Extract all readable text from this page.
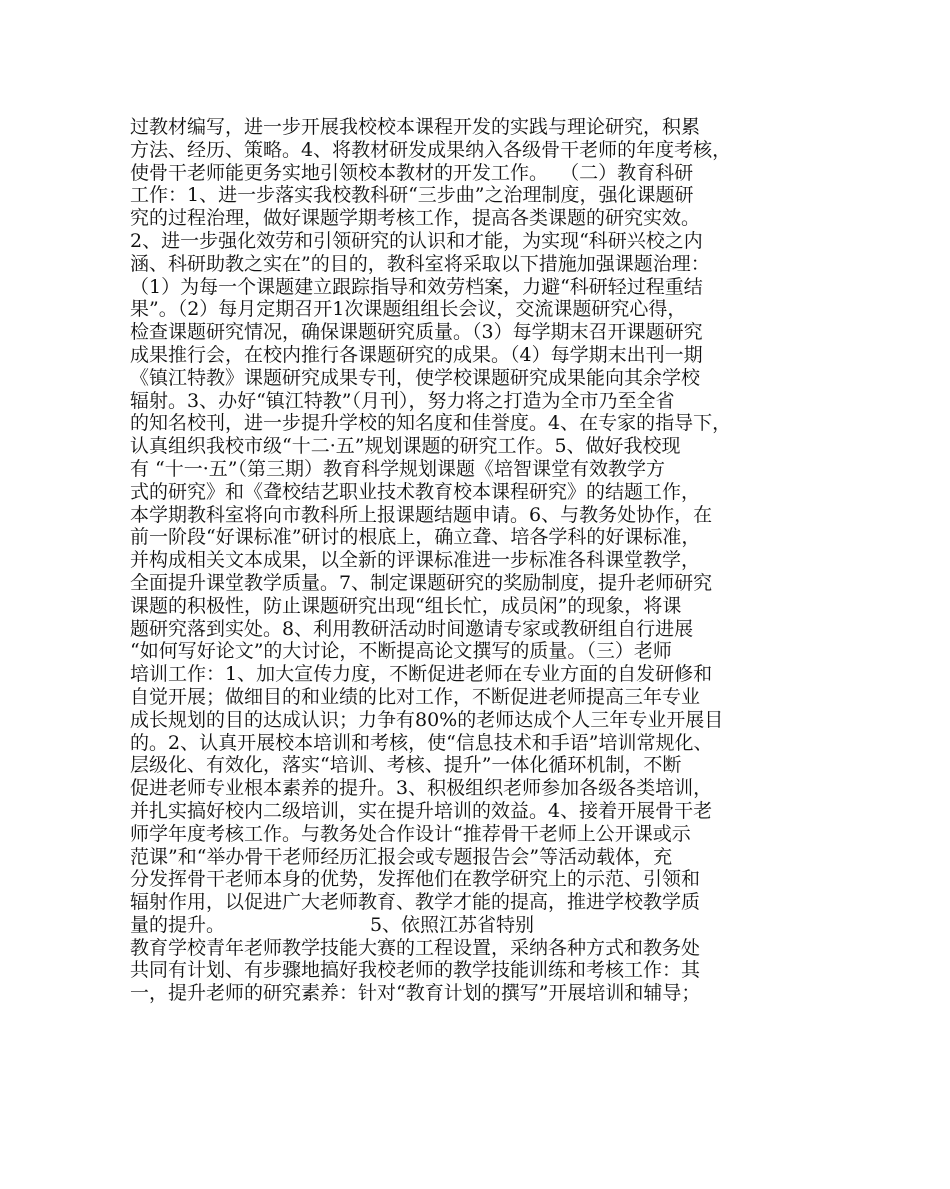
过教材编写，进一步开展我校校本课程开发的实践与理论研究，积累
方法、经历、策略。4、将教材研发成果纳入各级骨干老师的年度考核，
使骨干老师能更务实地引领校本教材的开发工作。  （二）教育科研
工作：1、进一步落实我校教科研“三步曲”之治理制度，强化课题研
究的过程治理，做好课题学期考核工作，提高各类课题的研究实效。
2、进一步强化效劳和引领研究的认识和才能，为实现“科研兴校之内
涵、科研助教之实在”的目的，教科室将采取以下措施加强课题治理：
（1）为每一个课题建立跟踪指导和效劳档案，力避“科研轻过程重结
果”。（2）每月定期召开1次课题组组长会议，交流课题研究心得，
检查课题研究情况，确保课题研究质量。（3）每学期末召开课题研究
成果推行会，在校内推行各课题研究的成果。（4）每学期末出刊一期
《镇江特教》课题研究成果专刊，使学校课题研究成果能向其余学校
辐射。3、办好“镇江特教”（月刊），努力将之打造为全市乃至全省
的知名校刊，进一步提升学校的知名度和佳誉度。4、在专家的指导下，
认真组织我校市级“十二·五”规划课题的研究工作。5、做好我校现
有 “十一·五”（第三期）教育科学规划课题《培智课堂有效教学方
式的研究》和《聋校结艺职业技术教育校本课程研究》的结题工作，
本学期教科室将向市教科所上报课题结题申请。6、与教务处协作，在
前一阶段“好课标准”研讨的根底上，确立聋、培各学科的好课标准，
并构成相关文本成果，以全新的评课标准进一步标准各科课堂教学，
全面提升课堂教学质量。7、制定课题研究的奖励制度，提升老师研究
课题的积极性，防止课题研究出现“组长忙，成员闲”的现象，将课
题研究落到实处。8、利用教研活动时间邀请专家或教研组自行进展
“如何写好论文”的大讨论，不断提高论文撰写的质量。（三）老师
培训工作：1、加大宣传力度，不断促进老师在专业方面的自发研修和
自觉开展；做细目的和业绩的比对工作，不断促进老师提高三年专业
成长规划的目的达成认识；力争有80%的老师达成个人三年专业开展目
的。2、认真开展校本培训和考核，使“信息技术和手语”培训常规化、
层级化、有效化，落实“培训、考核、提升”一体化循环机制，不断
促进老师专业根本素养的提升。3、积极组织老师参加各级各类培训，
并扎实搞好校内二级培训，实在提升培训的效益。4、接着开展骨干老
师学年度考核工作。与教务处合作设计“推荐骨干老师上公开课或示
范课”和“举办骨干老师经历汇报会或专题报告会”等活动载体，充
分发挥骨干老师本身的优势，发挥他们在教学研究上的示范、引领和
辐射作用，以促进广大老师教育、教学才能的提高，推进学校教学质
量的提升。                        5、依照江苏省特别
教育学校青年老师教学技能大赛的工程设置，采纳各种方式和教务处
共同有计划、有步骤地搞好我校老师的教学技能训练和考核工作：其
一，提升老师的研究素养：针对“教育计划的撰写”开展培训和辅导；
